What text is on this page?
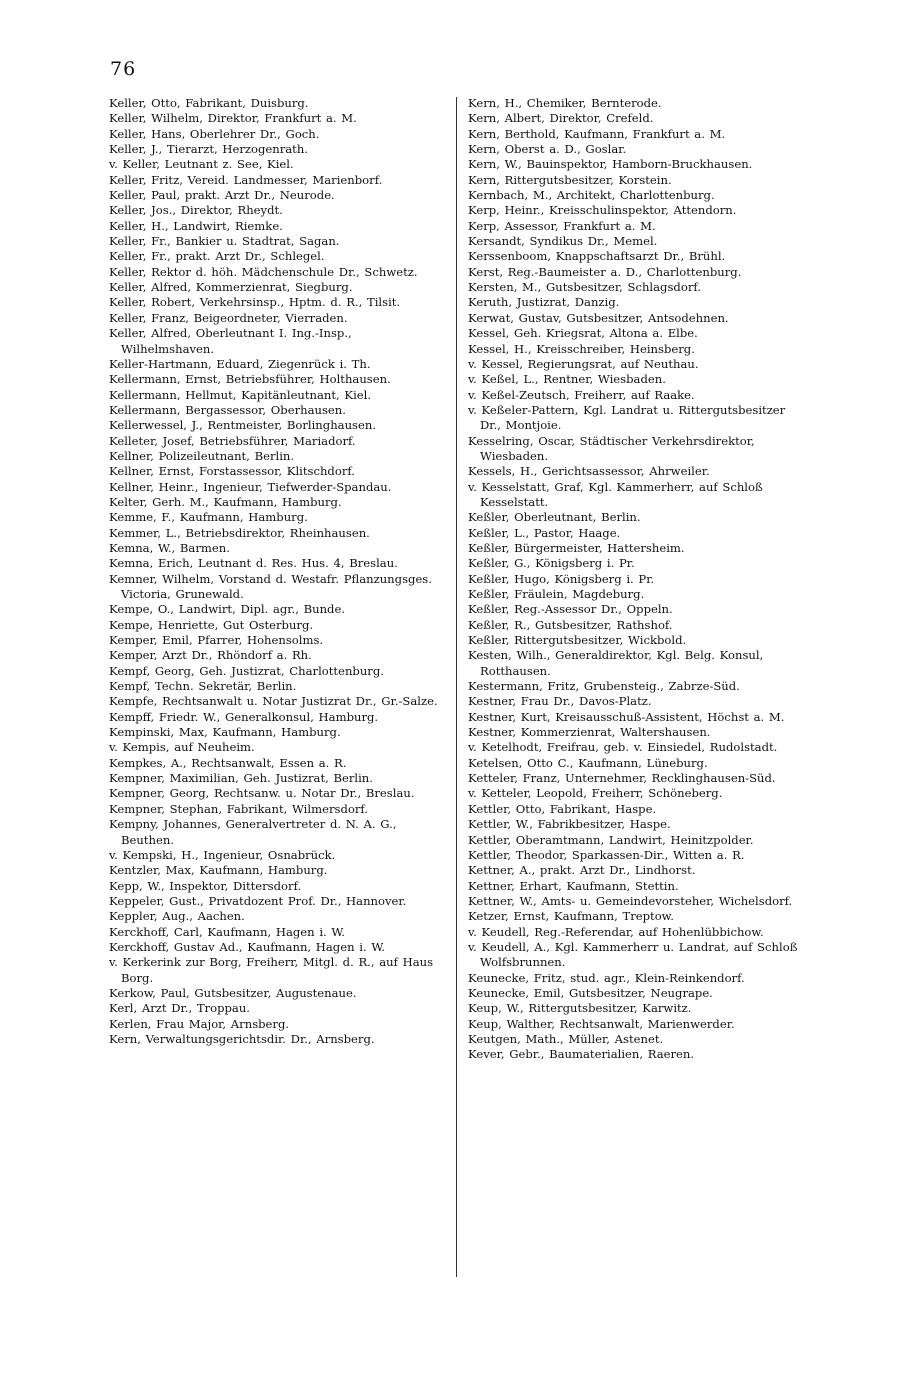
76

Keller, Otto, Fabrikant, Duisburg.

Keller, Wilhelm, Direktor, Frankfurt a. M.

Keller, Hans, Oberlehrer Dr., Goch.

Keller, J., Tierarzt, Herzogenrath.

v. Keller, Leutnant z. See, Kiel.

Keller, Fritz, Vereid. Landmesser, Marienborf.

Keller, Paul, prakt. Arzt Dr., Neurode.

Keller, Jos., Direktor, Rheydt.

Keller, H., Landwirt, Riemke.

Keller, Fr., Bankier u. Stadtrat, Sagan.

Keller, Fr., prakt. Arzt Dr., Schlegel.

Keller, Rektor d. höh. Mädchenschule Dr., Schwetz.

Keller, Alfred, Kommerzienrat, Siegburg.

Keller, Robert, Verkehrsinsp., Hptm. d. R., Tilsit.

Keller, Franz, Beigeordneter, Vierraden.

Keller, Alfred, Oberleutnant I. Ing.-Insp., Wilhelmshaven.

Keller-Hartmann, Eduard, Ziegenrück i. Th.

Kellermann, Ernst, Betriebsführer, Holthausen.

Kellermann, Hellmut, Kapitänleutnant, Kiel.

Kellermann, Bergassessor, Oberhausen.

Kellerwessel, J., Rentmeister, Borlinghausen.

Kelleter, Josef, Betriebsführer, Mariadorf.

Kellner, Polizeileutnant, Berlin.

Kellner, Ernst, Forstassessor, Klitschdorf.

Kellner, Heinr., Ingenieur, Tiefwerder-Spandau.

Kelter, Gerh. M., Kaufmann, Hamburg.

Kemme, F., Kaufmann, Hamburg.

Kemmer, L., Betriebsdirektor, Rheinhausen.

Kemna, W., Barmen.

Kemna, Erich, Leutnant d. Res. Hus. 4, Breslau.

Kemner, Wilhelm, Vorstand d. Westafr. Pflanzungsges. Victoria, Grunewald.

Kempe, O., Landwirt, Dipl. agr., Bunde.

Kempe, Henriette, Gut Osterburg.

Kemper, Emil, Pfarrer, Hohensolms.

Kemper, Arzt Dr., Rhöndorf a. Rh.

Kempf, Georg, Geh. Justizrat, Charlottenburg.

Kempf, Techn. Sekretär, Berlin.

Kempfe, Rechtsanwalt u. Notar Justizrat Dr., Gr.-Salze.

Kempff, Friedr. W., Generalkonsul, Hamburg.

Kempinski, Max, Kaufmann, Hamburg.

v. Kempis, auf Neuheim.

Kempkes, A., Rechtsanwalt, Essen a. R.

Kempner, Maximilian, Geh. Justizrat, Berlin.

Kempner, Georg, Rechtsanw. u. Notar Dr., Breslau.

Kempner, Stephan, Fabrikant, Wilmersdorf.

Kempny, Johannes, Generalvertreter d. N. A. G., Beuthen.

v. Kempski, H., Ingenieur, Osnabrück.

Kentzler, Max, Kaufmann, Hamburg.

Kepp, W., Inspektor, Dittersdorf.

Keppeler, Gust., Privatdozent Prof. Dr., Hannover.

Keppler, Aug., Aachen.

Kerckhoff, Carl, Kaufmann, Hagen i. W.

Kerckhoff, Gustav Ad., Kaufmann, Hagen i. W.

v. Kerkerink zur Borg, Freiherr, Mitgl. d. R., auf Haus Borg.

Kerkow, Paul, Gutsbesitzer, Augustenaue.

Kerl, Arzt Dr., Troppau.

Kerlen, Frau Major, Arnsberg.

Kern, Verwaltungsgerichtsdir. Dr., Arnsberg.

Kern, H., Chemiker, Bernterode.

Kern, Albert, Direktor, Crefeld.

Kern, Berthold, Kaufmann, Frankfurt a. M.

Kern, Oberst a. D., Goslar.

Kern, W., Bauinspektor, Hamborn-Bruckhausen.

Kern, Rittergutsbesitzer, Korstein.

Kernbach, M., Architekt, Charlottenburg.

Kerp, Heinr., Kreisschulinspektor, Attendorn.

Kerp, Assessor, Frankfurt a. M.

Kersandt, Syndikus Dr., Memel.

Kerssenboom, Knappschaftsarzt Dr., Brühl.

Kerst, Reg.-Baumeister a. D., Charlottenburg.

Kersten, M., Gutsbesitzer, Schlagsdorf.

Keruth, Justizrat, Danzig.

Kerwat, Gustav, Gutsbesitzer, Antsodehnen.

Kessel, Geh. Kriegsrat, Altona a. Elbe.

Kessel, H., Kreisschreiber, Heinsberg.

v. Kessel, Regierungsrat, auf Neuthau.

v. Keßel, L., Rentner, Wiesbaden.

v. Keßel-Zeutsch, Freiherr, auf Raake.

v. Keßeler-Pattern, Kgl. Landrat u. Rittergutsbesitzer Dr., Montjoie.

Kesselring, Oscar, Städtischer Verkehrsdirektor, Wiesbaden.

Kessels, H., Gerichtsassessor, Ahrweiler.

v. Kesselstatt, Graf, Kgl. Kammerherr, auf Schloß Kesselstatt.

Keßler, Oberleutnant, Berlin.

Keßler, L., Pastor, Haage.

Keßler, Bürgermeister, Hattersheim.

Keßler, G., Königsberg i. Pr.

Keßler, Hugo, Königsberg i. Pr.

Keßler, Fräulein, Magdeburg.

Keßler, Reg.-Assessor Dr., Oppeln.

Keßler, R., Gutsbesitzer, Rathshof.

Keßler, Rittergutsbesitzer, Wickbold.

Kesten, Wilh., Generaldirektor, Kgl. Belg. Konsul, Rotthausen.

Kestermann, Fritz, Grubensteig., Zabrze-Süd.

Kestner, Frau Dr., Davos-Platz.

Kestner, Kurt, Kreisausschuß-Assistent, Höchst a. M.

Kestner, Kommerzienrat, Waltershausen.

v. Ketelhodt, Freifrau, geb. v. Einsiedel, Rudolstadt.

Ketelsen, Otto C., Kaufmann, Lüneburg.

Ketteler, Franz, Unternehmer, Recklinghausen-Süd.

v. Ketteler, Leopold, Freiherr, Schöneberg.

Kettler, Otto, Fabrikant, Haspe.

Kettler, W., Fabrikbesitzer, Haspe.

Kettler, Oberamtmann, Landwirt, Heinitzpolder.

Kettler, Theodor, Sparkassen-Dir., Witten a. R.

Kettner, A., prakt. Arzt Dr., Lindhorst.

Kettner, Erhart, Kaufmann, Stettin.

Kettner, W., Amts- u. Gemeindevorsteher, Wichelsdorf.

Ketzer, Ernst, Kaufmann, Treptow.

v. Keudell, Reg.-Referendar, auf Hohenlübbichow.

v. Keudell, A., Kgl. Kammerherr u. Landrat, auf Schloß Wolfsbrunnen.

Keunecke, Fritz, stud. agr., Klein-Reinkendorf.

Keunecke, Emil, Gutsbesitzer, Neugrape.

Keup, W., Rittergutsbesitzer, Karwitz.

Keup, Walther, Rechtsanwalt, Marienwerder.

Keutgen, Math., Müller, Astenet.

Kever, Gebr., Baumaterialien, Raeren.
